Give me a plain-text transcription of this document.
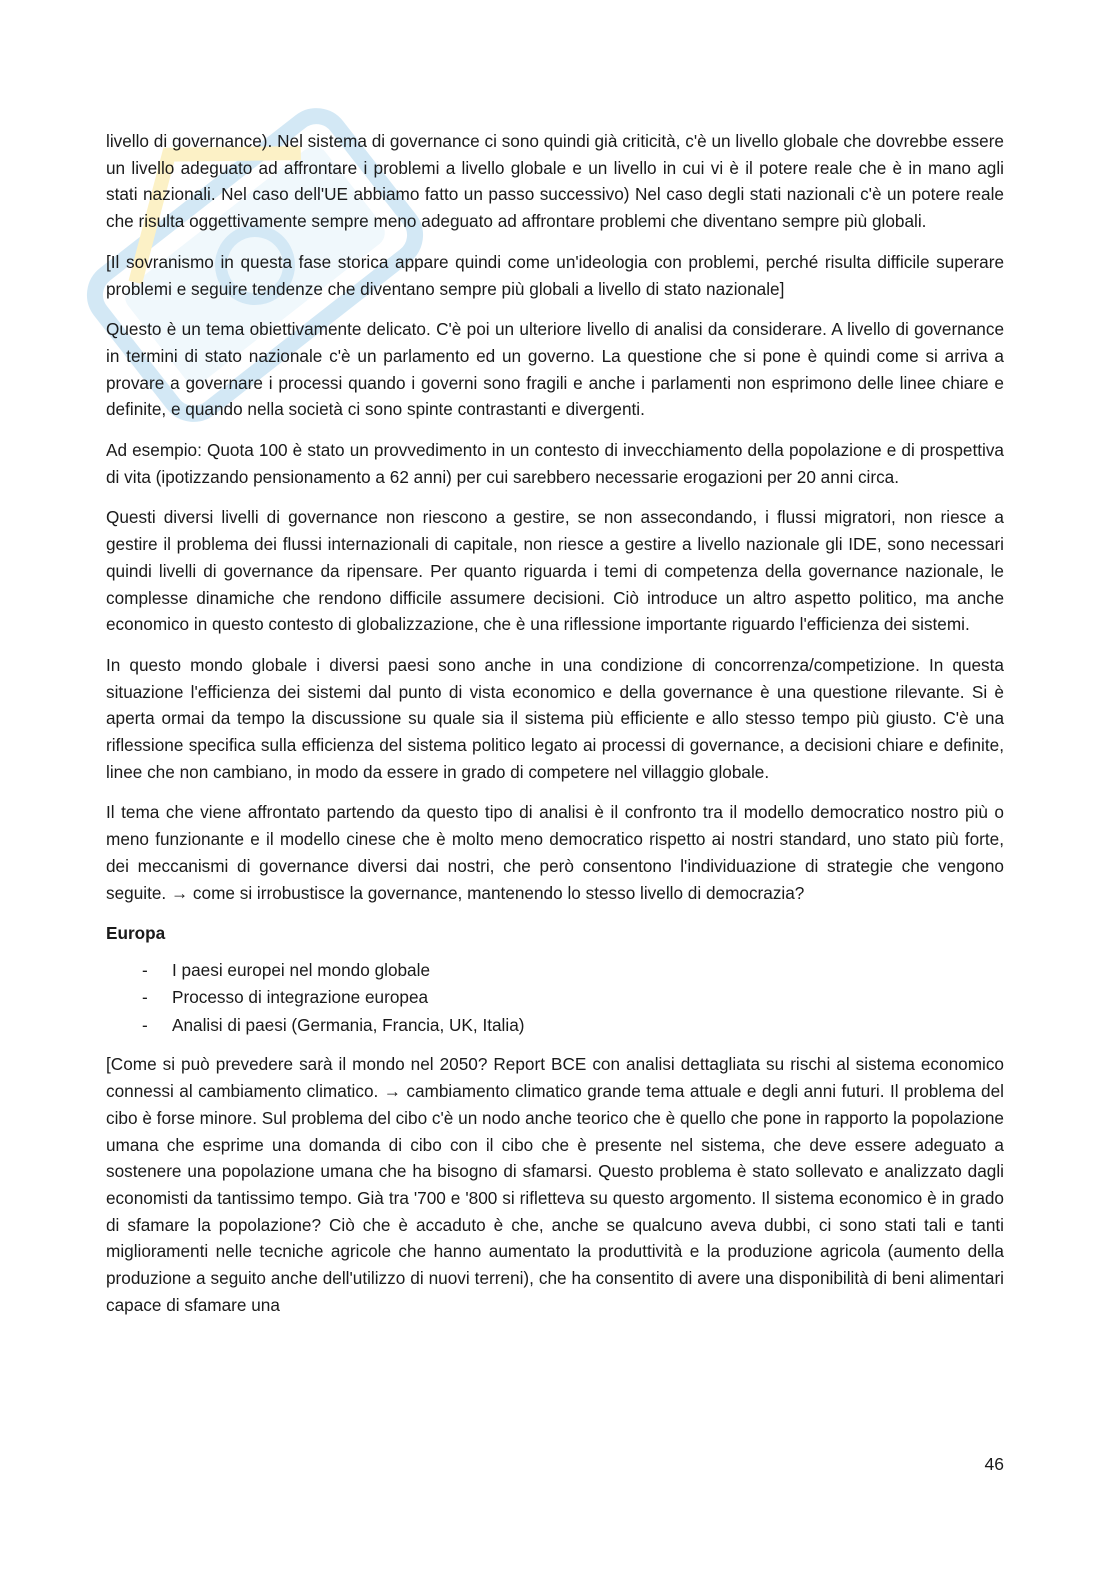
livello di governance). Nel sistema di governance ci sono quindi già criticità, c'è un livello globale che dovrebbe essere un livello adeguato ad affrontare i problemi a livello globale e un livello in cui vi è il potere reale che è in mano agli stati nazionali. Nel caso dell'UE abbiamo fatto un passo successivo) Nel caso degli stati nazionali c'è un potere reale che risulta oggettivamente sempre meno adeguato ad affrontare problemi che diventano sempre più globali.

[Il sovranismo in questa fase storica appare quindi come un'ideologia con problemi, perché risulta difficile superare problemi e seguire tendenze che diventano sempre più globali a livello di stato nazionale]

Questo è un tema obiettivamente delicato. C'è poi un ulteriore livello di analisi da considerare. A livello di governance in termini di stato nazionale c'è un parlamento ed un governo. La questione che si pone è quindi come si arriva a provare a governare i processi quando i governi sono fragili e anche i parlamenti non esprimono delle linee chiare e definite, e quando nella società ci sono spinte contrastanti e divergenti.

Ad esempio: Quota 100 è stato un provvedimento in un contesto di invecchiamento della popolazione e di prospettiva di vita (ipotizzando pensionamento a 62 anni) per cui sarebbero necessarie erogazioni per 20 anni circa.

Questi diversi livelli di governance non riescono a gestire, se non assecondando, i flussi migratori, non riesce a gestire il problema dei flussi internazionali di capitale, non riesce a gestire a livello nazionale gli IDE, sono necessari quindi livelli di governance da ripensare. Per quanto riguarda i temi di competenza della governance nazionale, le complesse dinamiche che rendono difficile assumere decisioni. Ciò introduce un altro aspetto politico, ma anche economico in questo contesto di globalizzazione, che è una riflessione importante riguardo l'efficienza dei sistemi.

In questo mondo globale i diversi paesi sono anche in una condizione di concorrenza/competizione. In questa situazione l'efficienza dei sistemi dal punto di vista economico e della governance è una questione rilevante. Si è aperta ormai da tempo la discussione su quale sia il sistema più efficiente e allo stesso tempo più giusto. C'è una riflessione specifica sulla efficienza del sistema politico legato ai processi di governance, a decisioni chiare e definite, linee che non cambiano, in modo da essere in grado di competere nel villaggio globale.

Il tema che viene affrontato partendo da questo tipo di analisi è il confronto tra il modello democratico nostro più o meno funzionante e il modello cinese che è molto meno democratico rispetto ai nostri standard, uno stato più forte, dei meccanismi di governance diversi dai nostri, che però consentono l'individuazione di strategie che vengono seguite. → come si irrobustisce la governance, mantenendo lo stesso livello di democrazia?

Europa
- I paesi europei nel mondo globale
- Processo di integrazione europea
- Analisi di paesi (Germania, Francia, UK, Italia)

[Come si può prevedere sarà il mondo nel 2050? Report BCE con analisi dettagliata su rischi al sistema economico connessi al cambiamento climatico. → cambiamento climatico grande tema attuale e degli anni futuri. Il problema del cibo è forse minore. Sul problema del cibo c'è un nodo anche teorico che è quello che pone in rapporto la popolazione umana che esprime una domanda di cibo con il cibo che è presente nel sistema, che deve essere adeguato a sostenere una popolazione umana che ha bisogno di sfamarsi. Questo problema è stato sollevato e analizzato dagli economisti da tantissimo tempo. Già tra '700 e '800 si rifletteva su questo argomento. Il sistema economico è in grado di sfamare la popolazione? Ciò che è accaduto è che, anche se qualcuno aveva dubbi, ci sono stati tali e tanti miglioramenti nelle tecniche agricole che hanno aumentato la produttività e la produzione agricola (aumento della produzione a seguito anche dell'utilizzo di nuovi terreni), che ha consentito di avere una disponibilità di beni alimentari capace di sfamare una

46
